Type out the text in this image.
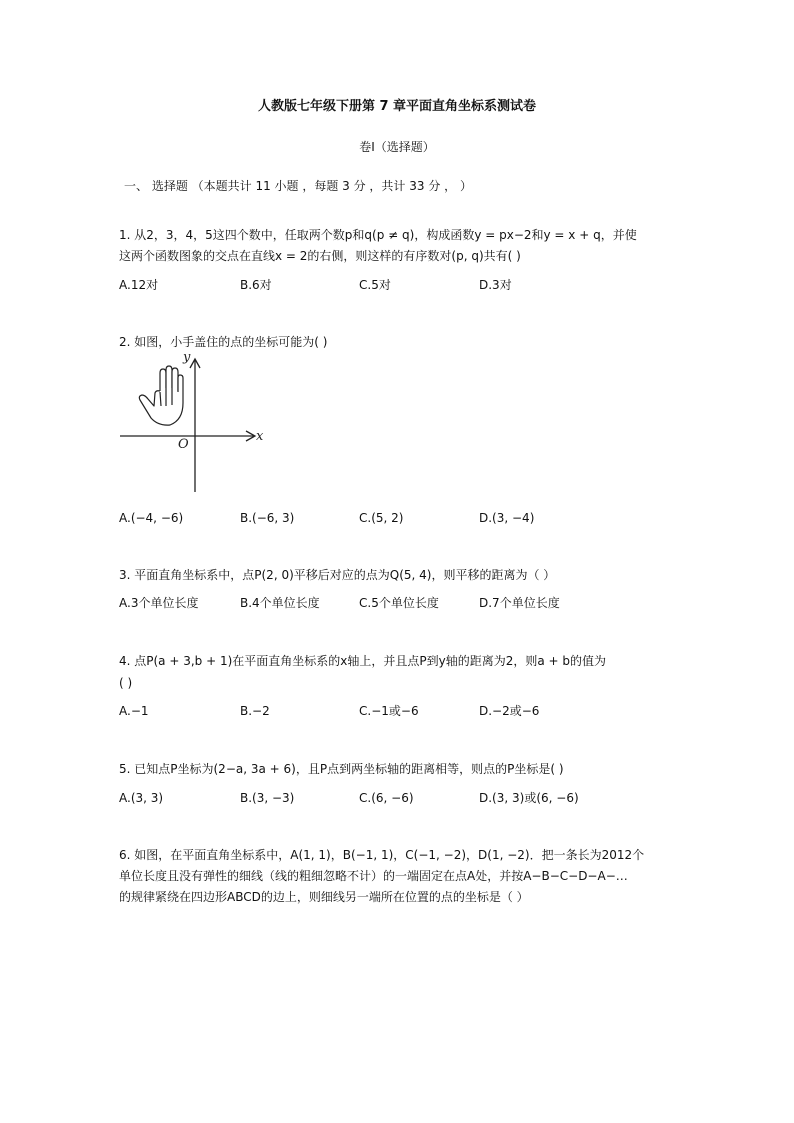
人教版七年级下册第 7 章平面直角坐标系测试卷
卷Ⅰ（选择题）
一、 选择题 （本题共计 11 小题 ，每题 3 分 ，共计 33 分 ， ）
1. 从2，3，4，5这四个数中，任取两个数p和q(p ≠ q)，构成函数y = px−2和y = x + q，并使
这两个函数图象的交点在直线x = 2的右侧，则这样的有序数对(p, q)共有( )
A.12对	B.6对	C.5对	D.3对
2. 如图，小手盖住的点的坐标可能为( )
x
y
O
A.(−4, −6)	B.(−6, 3)	C.(5, 2)	D.(3, −4)
3. 平面直角坐标系中，点P(2, 0)平移后对应的点为Q(5, 4)，则平移的距离为（ ）
A.3个单位长度	B.4个单位长度	C.5个单位长度	D.7个单位长度
4. 点P(a + 3,b + 1)在平面直角坐标系的x轴上，并且点P到y轴的距离为2，则a + b的值为
( )
A.−1	B.−2	C.−1或−6	D.−2或−6
5. 已知点P坐标为(2−a, 3a + 6)，且P点到两坐标轴的距离相等，则点的P坐标是( )
A.(3, 3)	B.(3, −3)	C.(6, −6)	D.(3, 3)或(6, −6)
6. 如图，在平面直角坐标系中，A(1, 1)，B(−1, 1)，C(−1, −2)，D(1, −2)．把一条长为2012个
单位长度且没有弹性的细线（线的粗细忽略不计）的一端固定在点A处，并按A−B−C−D−A−…
的规律紧绕在四边形ABCD的边上，则细线另一端所在位置的点的坐标是（ ）
